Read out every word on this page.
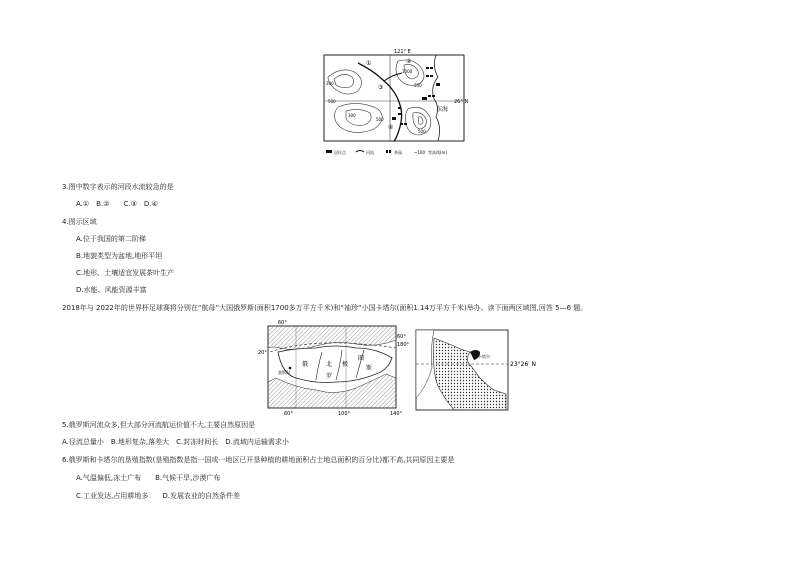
121° E
26° N
东海
200
500
1000
500
300
500
500
①	②
③
④
居民点	河流	茶园	~100 等高线(m)
3.图中数字表示的河段水流较急的是
A.①　B.②　　C.③　D.④
4.图示区域
A.位于我国的第二阶梯
B.地貌类型为盆地,地形平坦
C.地形、土壤适宜发展茶叶生产
D.水能、风能资源丰富
2018年与 2022年的世界杯足球赛将分别在“航母”大国俄罗斯(面积1700多万平方千米)和“袖珍”小国卡塔尔(面积1.14万平方千米)举办。读下面两区域图,回答 5—6 题。
60°
20°
60°
180°
60°	100°	140°
莫斯科
俄
罗
斯
北 极
圈
23°26′ N
卡塔尔
5.俄罗斯河流众多,但大部分河流航运价值不大,主要自然原因是
A.径流总量小　B.地形复杂,落差大　C.封冻时间长　D.流域内运输需求小
6.俄罗斯和卡塔尔的垦殖指数(垦殖指数是指一国或一地区已开垦种植的耕地面积占土地总面积的百分比)都不高,共同原因主要是
A.气温偏低,冻土广布　　B.气候干旱,沙漠广布
C.工业发达,占用耕地多　　D.发展农业的自然条件差
